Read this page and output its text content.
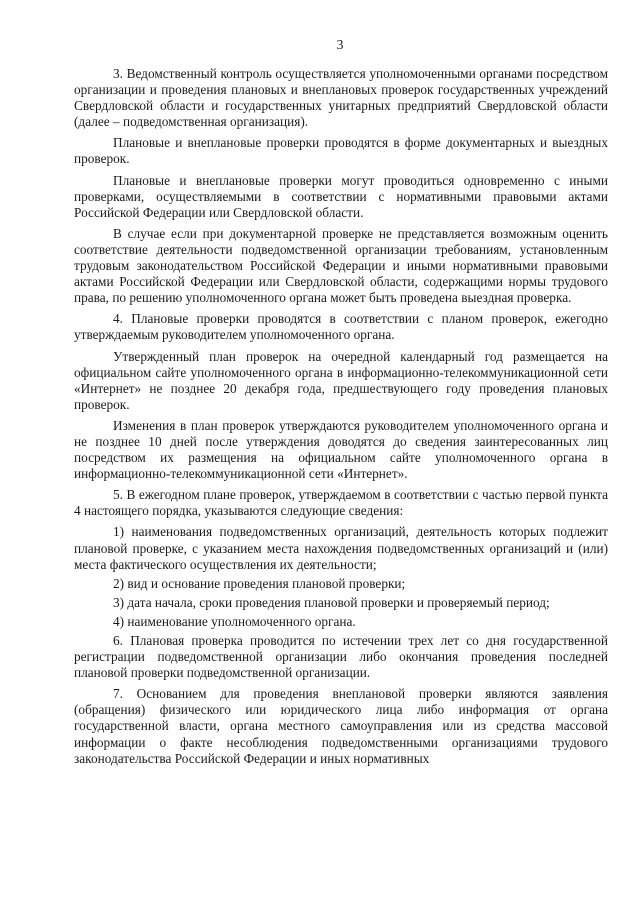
3

3. Ведомственный контроль осуществляется уполномоченными органами посредством организации и проведения плановых и внеплановых проверок государственных учреждений Свердловской области и государственных унитарных предприятий Свердловской области (далее – подведомственная организация).

Плановые и внеплановые проверки проводятся в форме документарных и выездных проверок.

Плановые и внеплановые проверки могут проводиться одновременно с иными проверками, осуществляемыми в соответствии с нормативными правовыми актами Российской Федерации или Свердловской области.

В случае если при документарной проверке не представляется возможным оценить соответствие деятельности подведомственной организации требованиям, установленным трудовым законодательством Российской Федерации и иными нормативными правовыми актами Российской Федерации или Свердловской области, содержащими нормы трудового права, по решению уполномоченного органа может быть проведена выездная проверка.

4. Плановые проверки проводятся в соответствии с планом проверок, ежегодно утверждаемым руководителем уполномоченного органа.

Утвержденный план проверок на очередной календарный год размещается на официальном сайте уполномоченного органа в информационно-телекоммуникационной сети «Интернет» не позднее 20 декабря года, предшествующего году проведения плановых проверок.

Изменения в план проверок утверждаются руководителем уполномоченного органа и не позднее 10 дней после утверждения доводятся до сведения заинтересованных лиц посредством их размещения на официальном сайте уполномоченного органа в информационно-телекоммуникационной сети «Интернет».

5. В ежегодном плане проверок, утверждаемом в соответствии с частью первой пункта 4 настоящего порядка, указываются следующие сведения:

1) наименования подведомственных организаций, деятельность которых подлежит плановой проверке, с указанием места нахождения подведомственных организаций и (или) места фактического осуществления их деятельности;

2) вид и основание проведения плановой проверки;

3) дата начала, сроки проведения плановой проверки и проверяемый период;

4) наименование уполномоченного органа.

6. Плановая проверка проводится по истечении трех лет со дня государственной регистрации подведомственной организации либо окончания проведения последней плановой проверки подведомственной организации.

7. Основанием для проведения внеплановой проверки являются заявления (обращения) физического или юридического лица либо информация от органа государственной власти, органа местного самоуправления или из средства массовой информации о факте несоблюдения подведомственными организациями трудового законодательства Российской Федерации и иных нормативных
